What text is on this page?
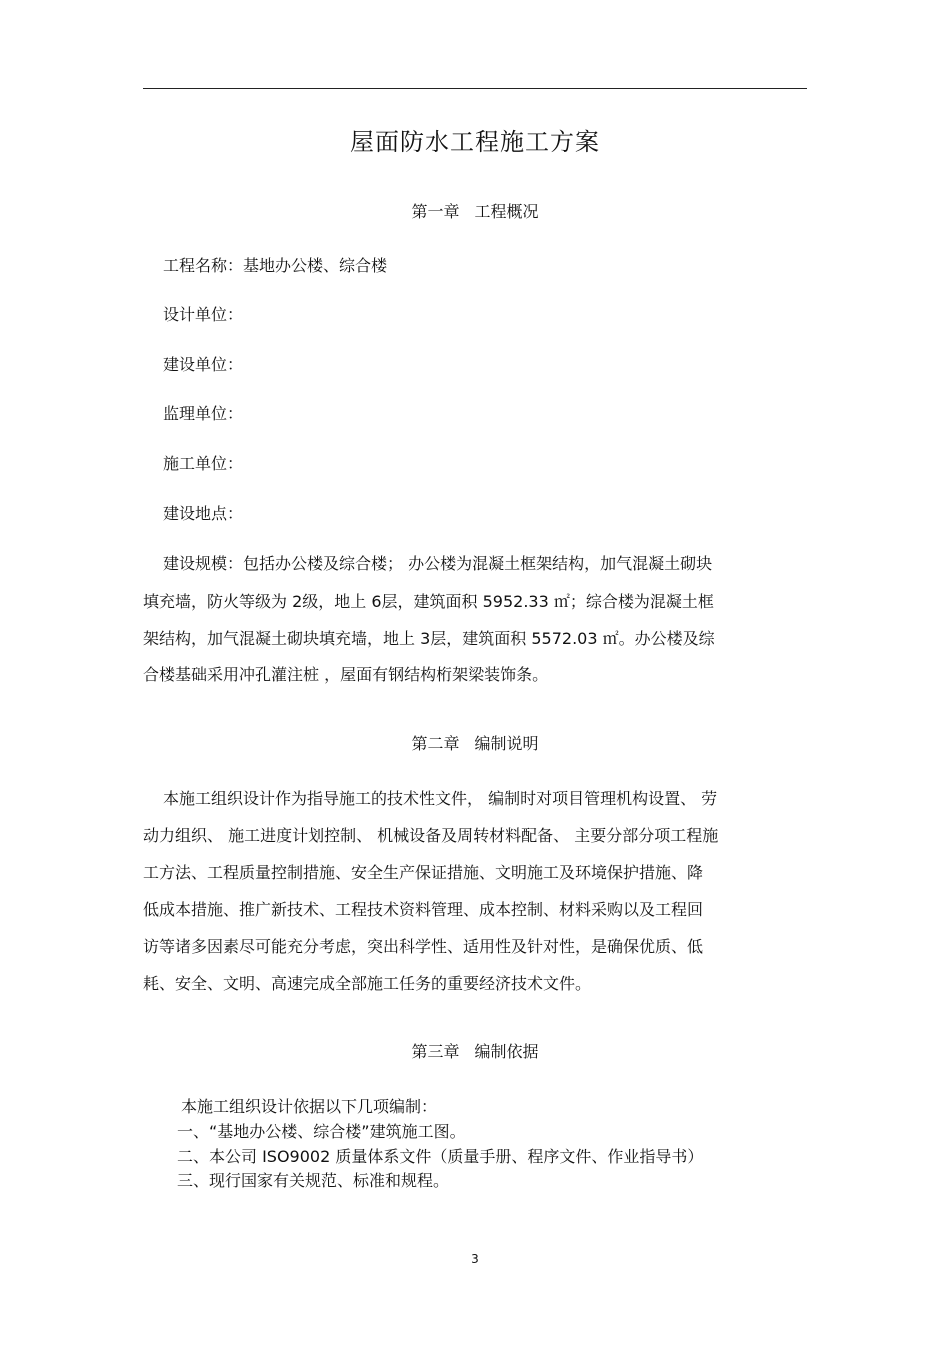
屋面防水工程施工方案
第一章 工程概况
工程名称：基地办公楼、综合楼
设计单位：
建设单位：
监理单位：
施工单位：
建设地点：
建设规模：包括办公楼及综合楼； 办公楼为混凝土框架结构，加气混凝土砌块
填充墙，防火等级为 2级，地上 6层，建筑面积 5952.33 ㎡；综合楼为混凝土框
架结构，加气混凝土砌块填充墙，地上 3层，建筑面积 5572.03 ㎡。办公楼及综
合楼基础采用冲孔灌注桩 ，屋面有钢结构桁架梁装饰条。
第二章 编制说明
本施工组织设计作为指导施工的技术性文件， 编制时对项目管理机构设置、 劳
动力组织、 施工进度计划控制、 机械设备及周转材料配备、 主要分部分项工程施
工方法、工程质量控制措施、安全生产保证措施、文明施工及环境保护措施、降
低成本措施、推广新技术、工程技术资料管理、成本控制、材料采购以及工程回
访等诸多因素尽可能充分考虑，突出科学性、适用性及针对性，是确保优质、低
耗、安全、文明、高速完成全部施工任务的重要经济技术文件。
第三章 编制依据
本施工组织设计依据以下几项编制：
一、“基地办公楼、综合楼”建筑施工图。
二、本公司 ISO9002 质量体系文件（质量手册、程序文件、作业指导书）
三、现行国家有关规范、标准和规程。
3
